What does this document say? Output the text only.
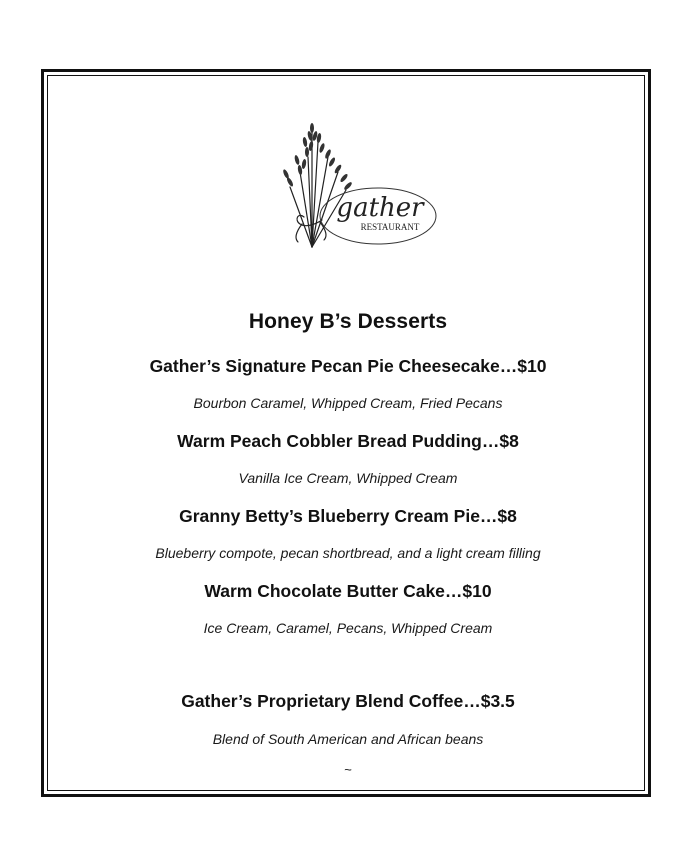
gather
RESTAURANT
Honey B’s Desserts
Gather’s Signature Pecan Pie Cheesecake…$10
Bourbon Caramel, Whipped Cream, Fried Pecans
Warm Peach Cobbler Bread Pudding…$8
Vanilla Ice Cream, Whipped Cream
Granny Betty’s Blueberry Cream Pie…$8
Blueberry compote, pecan shortbread, and a light cream filling
Warm Chocolate Butter Cake…$10
Ice Cream, Caramel, Pecans, Whipped Cream
Gather’s Proprietary Blend Coffee…$3.5
Blend of South American and African beans
~
